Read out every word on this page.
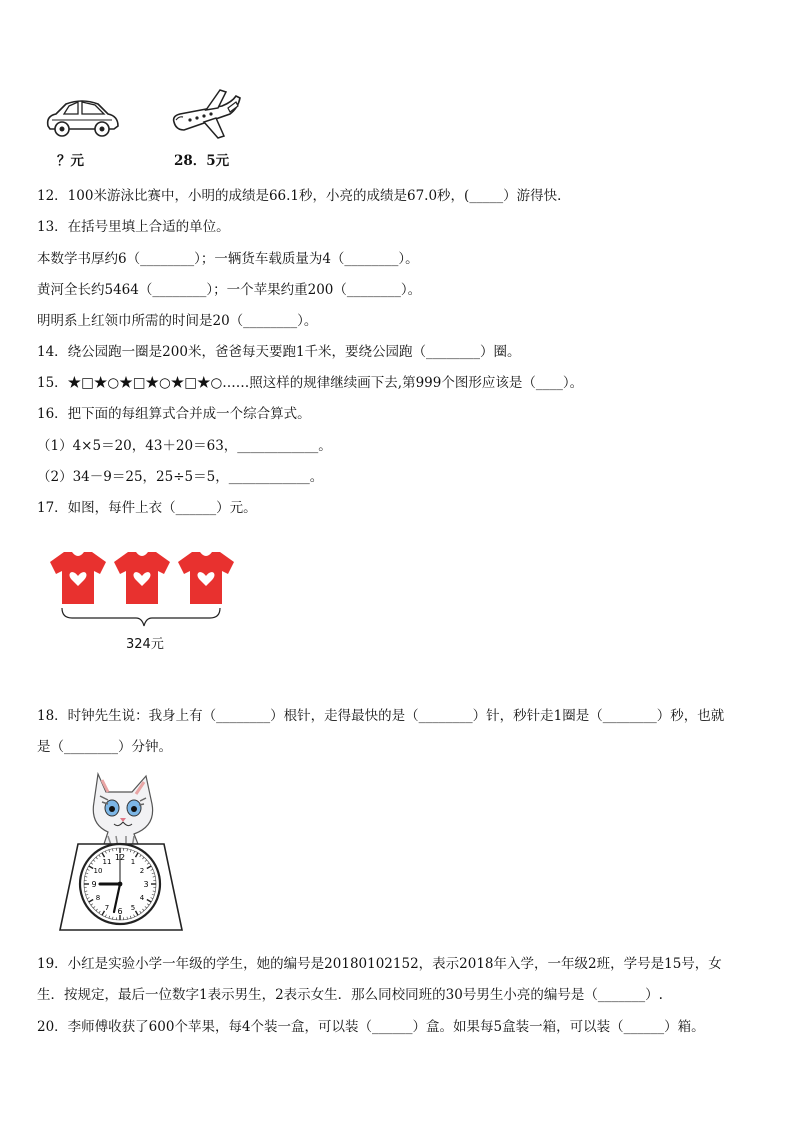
？元	28．5元
12．100米游泳比赛中，小明的成绩是66.1秒，小亮的成绩是67.0秒，(_____）游得快．
13．在括号里填上合适的单位。
本数学书厚约6（________）；一辆货车载质量为4（________）。
黄河全长约5464（________）；一个苹果约重200（________）。
明明系上红领巾所需的时间是20（________）。
14．绕公园跑一圈是200米，爸爸每天要跑1千米，要绕公园跑（________）圈。
15．★□★○★□★○★□★○……照这样的规律继续画下去,第999个图形应该是（____）。
16．把下面的每组算式合并成一个综合算式。
（1）4×5＝20，43＋20＝63，____________。
（2）34－9＝25，25÷5＝5，____________。
17．如图，每件上衣（______）元。
324元
18．时钟先生说：我身上有（________）根针，走得最快的是（________）针，秒针走1圈是（________）秒，也就
是（________）分钟。
12 1
2
3
4
5
6
7
8
9
10
11
19．小红是实验小学一年级的学生，她的编号是20180102152，表示2018年入学，一年级2班，学号是15号，女
生．按规定，最后一位数字1表示男生，2表示女生．那么同校同班的30号男生小亮的编号是（_______）.
20．李师傅收获了600个苹果，每4个装一盒，可以装（______）盒。如果每5盒装一箱，可以装（______）箱。
